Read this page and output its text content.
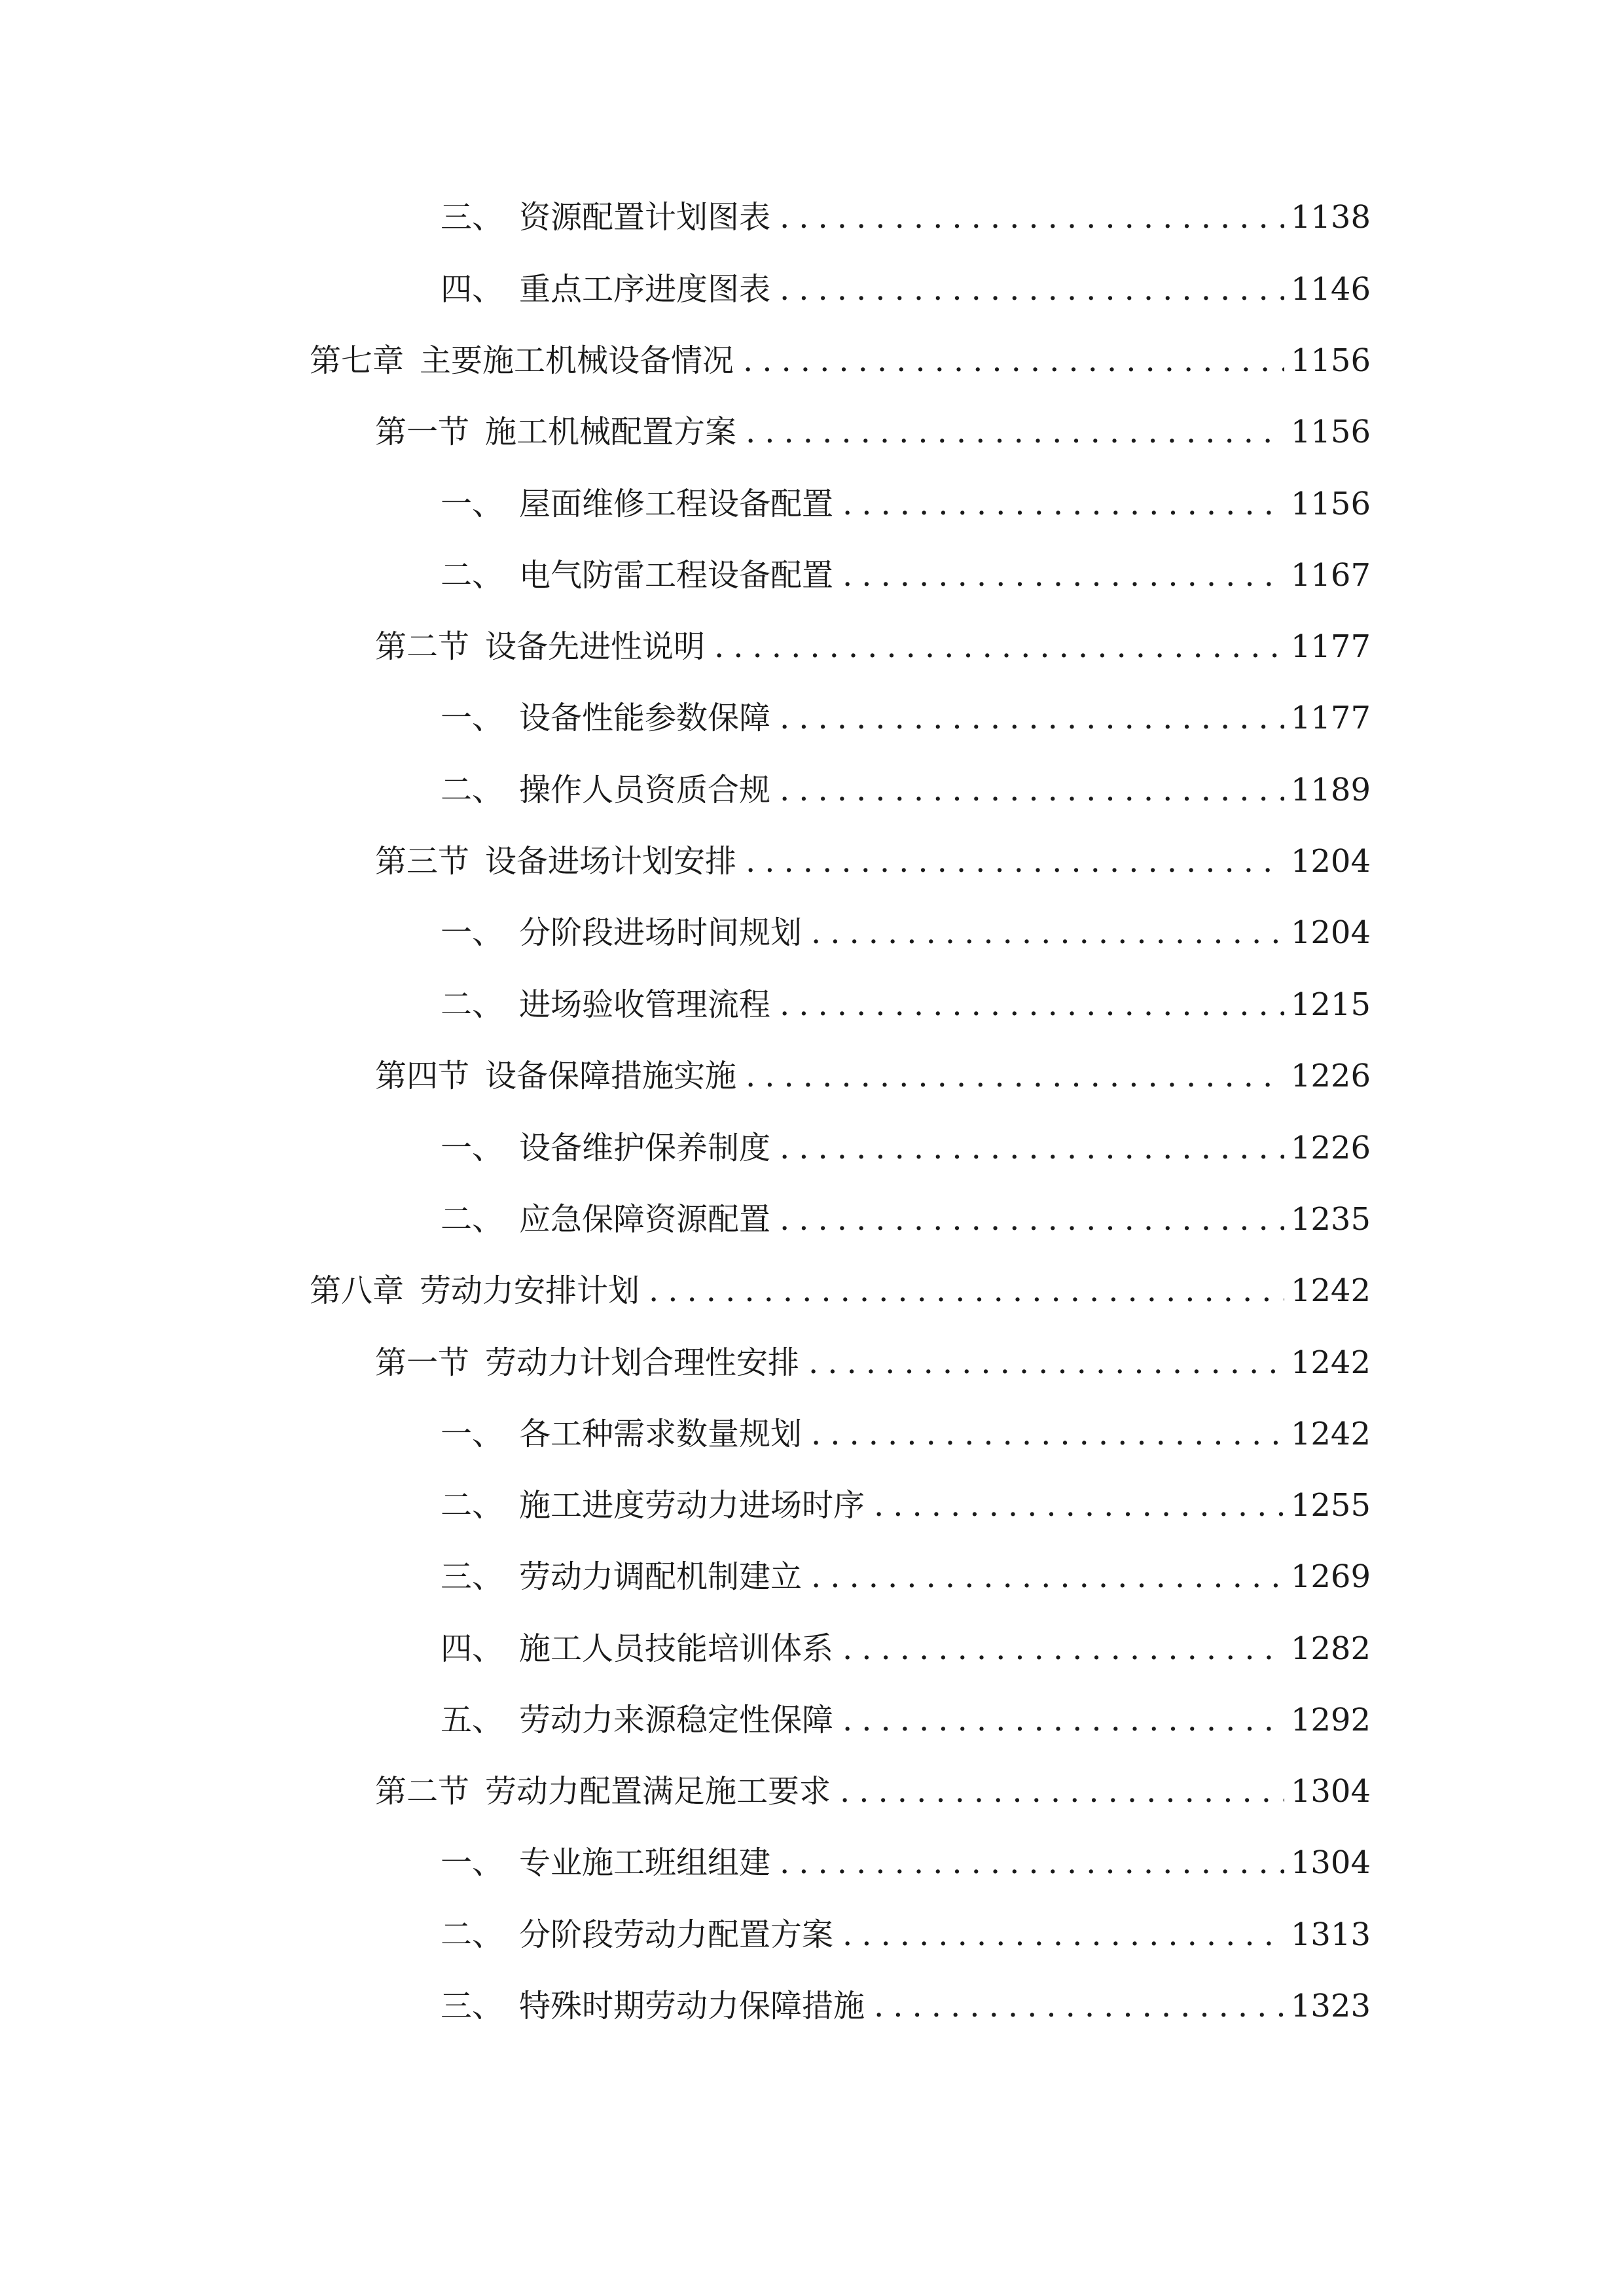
三、 资源配置计划图表 .....	1138
四、 重点工序进度图表 .....	1146
第七章 主要施工机械设备情况 .....	1156
第一节 施工机械配置方案 .....	1156
一、 屋面维修工程设备配置 .....	1156
二、 电气防雷工程设备配置 .....	1167
第二节 设备先进性说明 .....	1177
一、 设备性能参数保障 .....	1177
二、 操作人员资质合规 .....	1189
第三节 设备进场计划安排 .....	1204
一、 分阶段进场时间规划 .....	1204
二、 进场验收管理流程 .....	1215
第四节 设备保障措施实施 .....	1226
一、 设备维护保养制度 .....	1226
二、 应急保障资源配置 .....	1235
第八章 劳动力安排计划 .....	1242
第一节 劳动力计划合理性安排 .....	1242
一、 各工种需求数量规划 .....	1242
二、 施工进度劳动力进场时序 .....	1255
三、 劳动力调配机制建立 .....	1269
四、 施工人员技能培训体系 .....	1282
五、 劳动力来源稳定性保障 .....	1292
第二节 劳动力配置满足施工要求 .....	1304
一、 专业施工班组组建 .....	1304
二、 分阶段劳动力配置方案 .....	1313
三、 特殊时期劳动力保障措施 .....	1323
